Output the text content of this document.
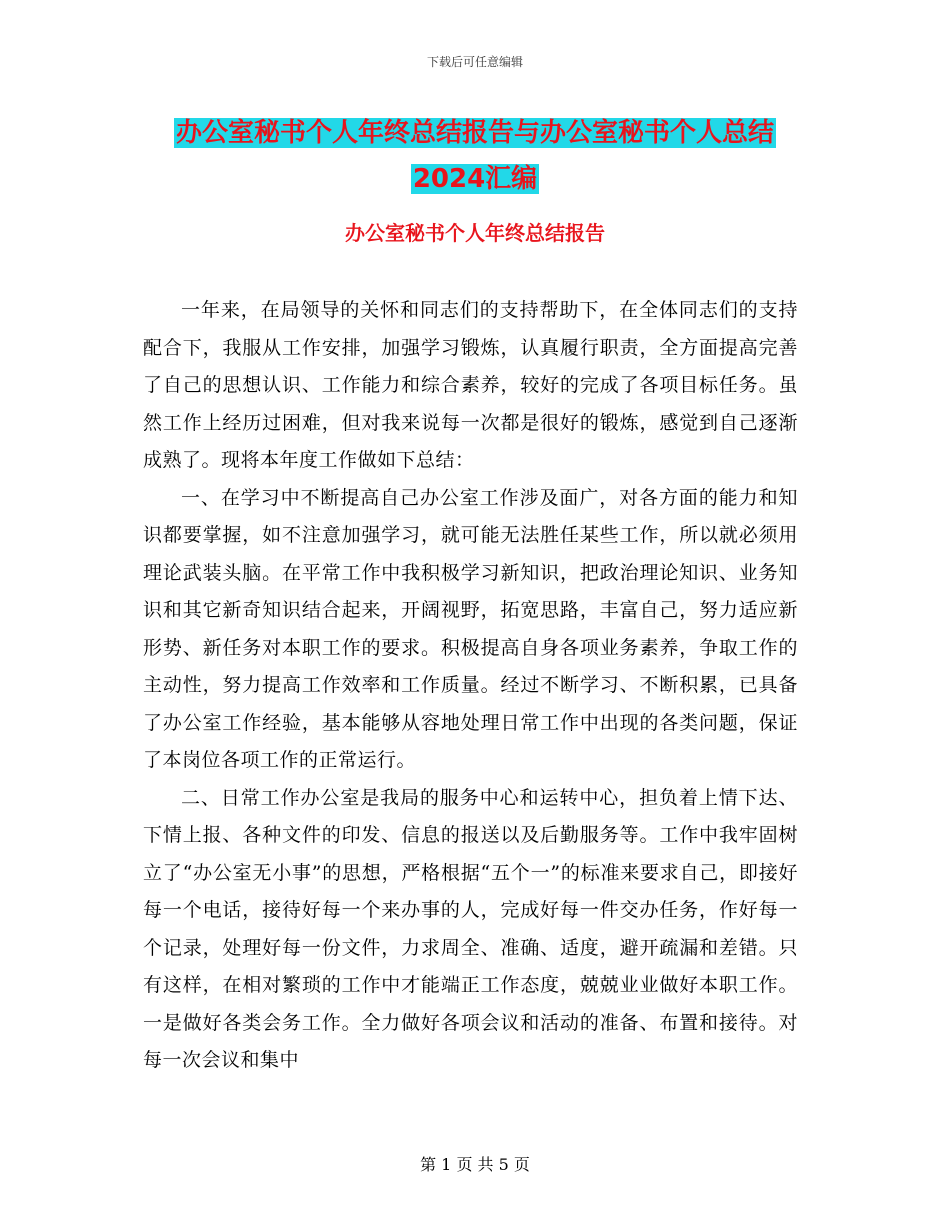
下载后可任意编辑
办公室秘书个人年终总结报告与办公室秘书个人总结
2024汇编
办公室秘书个人年终总结报告

一年来，在局领导的关怀和同志们的支持帮助下，在全体同志们的支持配合下，我服从工作安排，加强学习锻炼，认真履行职责，全方面提高完善了自己的思想认识、工作能力和综合素养，较好的完成了各项目标任务。虽然工作上经历过困难，但对我来说每一次都是很好的锻炼，感觉到自己逐渐成熟了。现将本年度工作做如下总结：

一、在学习中不断提高自己办公室工作涉及面广，对各方面的能力和知识都要掌握，如不注意加强学习，就可能无法胜任某些工作，所以就必须用理论武装头脑。在平常工作中我积极学习新知识，把政治理论知识、业务知识和其它新奇知识结合起来，开阔视野，拓宽思路，丰富自己，努力适应新形势、新任务对本职工作的要求。积极提高自身各项业务素养，争取工作的主动性，努力提高工作效率和工作质量。经过不断学习、不断积累，已具备了办公室工作经验，基本能够从容地处理日常工作中出现的各类问题，保证了本岗位各项工作的正常运行。

二、日常工作办公室是我局的服务中心和运转中心，担负着上情下达、下情上报、各种文件的印发、信息的报送以及后勤服务等。工作中我牢固树立了“办公室无小事”的思想，严格根据“五个一”的标准来要求自己，即接好每一个电话，接待好每一个来办事的人，完成好每一件交办任务，作好每一个记录，处理好每一份文件，力求周全、准确、适度，避开疏漏和差错。只有这样，在相对繁琐的工作中才能端正工作态度，兢兢业业做好本职工作。一是做好各类会务工作。全力做好各项会议和活动的准备、布置和接待。对每一次会议和集中

第 1 页 共 5 页
